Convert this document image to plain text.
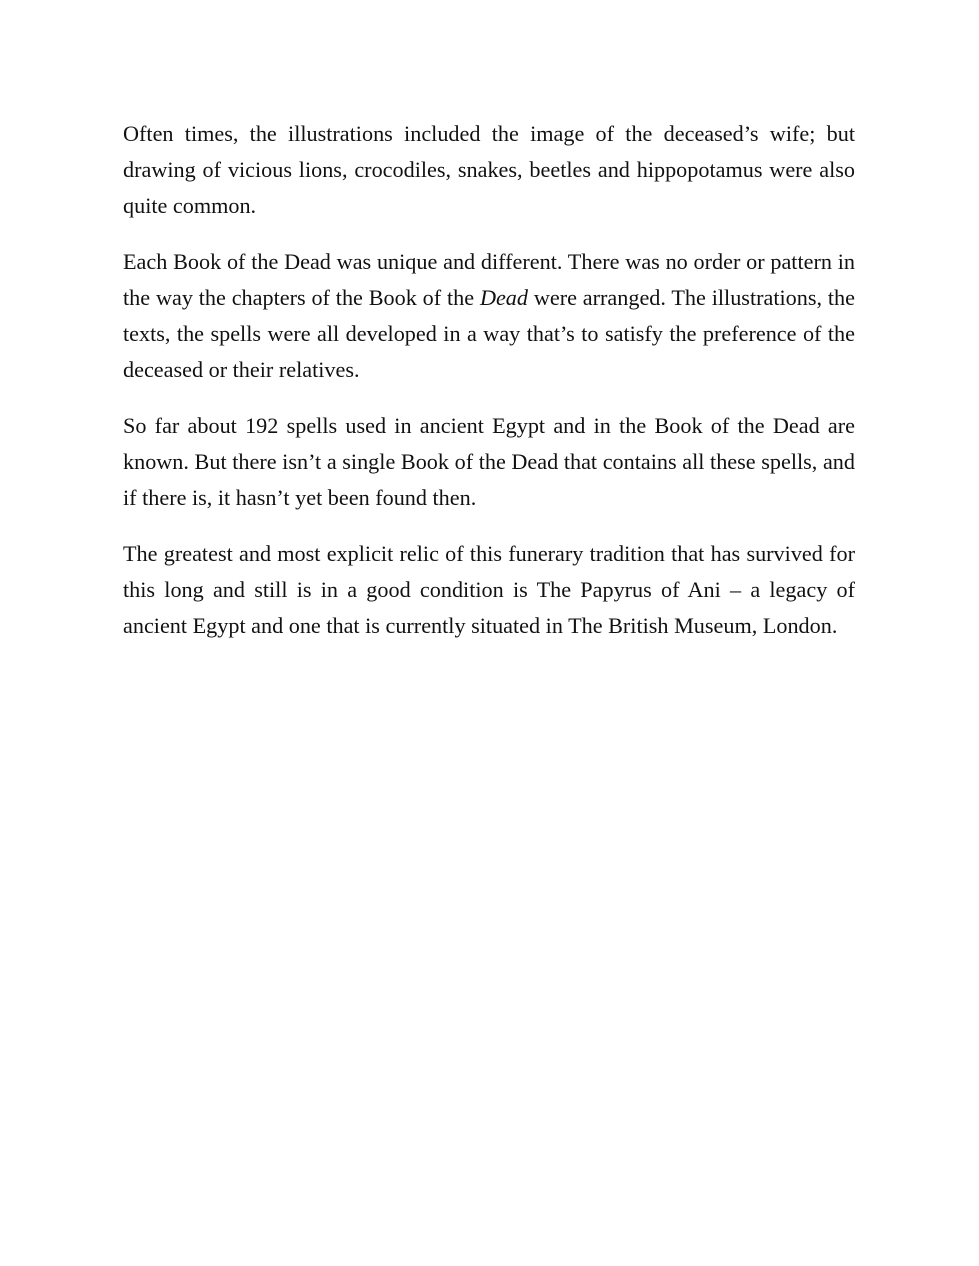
Often times, the illustrations included the image of the deceased’s wife; but drawing of vicious lions, crocodiles, snakes, beetles and hippopotamus were also quite common.

Each Book of the Dead was unique and different. There was no order or pattern in the way the chapters of the Book of the Dead were arranged. The illustrations, the texts, the spells were all developed in a way that’s to satisfy the preference of the deceased or their relatives.

So far about 192 spells used in ancient Egypt and in the Book of the Dead are known. But there isn’t a single Book of the Dead that contains all these spells, and if there is, it hasn’t yet been found then.

The greatest and most explicit relic of this funerary tradition that has survived for this long and still is in a good condition is The Papyrus of Ani – a legacy of ancient Egypt and one that is currently situated in The British Museum, London.
